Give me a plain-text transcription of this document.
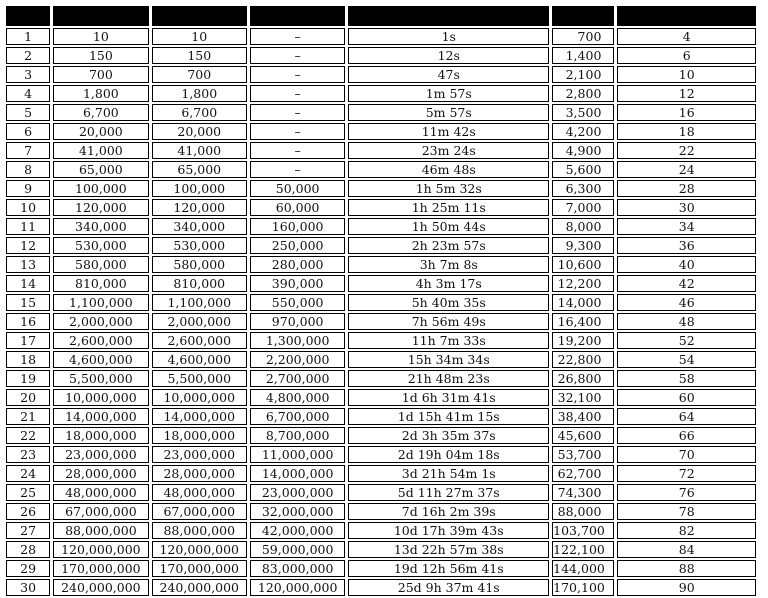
1	10	10	–	1s	700	4
2	150	150	–	12s	1,400	6
3	700	700	–	47s	2,100	10
4	1,800	1,800	–	1m 57s	2,800	12
5	6,700	6,700	–	5m 57s	3,500	16
6	20,000	20,000	–	11m 42s	4,200	18
7	41,000	41,000	–	23m 24s	4,900	22
8	65,000	65,000	–	46m 48s	5,600	24
9	100,000	100,000	50,000	1h 5m 32s	6,300	28
10	120,000	120,000	60,000	1h 25m 11s	7,000	30
11	340,000	340,000	160,000	1h 50m 44s	8,000	34
12	530,000	530,000	250,000	2h 23m 57s	9,300	36
13	580,000	580,000	280,000	3h 7m 8s	10,600	40
14	810,000	810,000	390,000	4h 3m 17s	12,200	42
15	1,100,000	1,100,000	550,000	5h 40m 35s	14,000	46
16	2,000,000	2,000,000	970,000	7h 56m 49s	16,400	48
17	2,600,000	2,600,000	1,300,000	11h 7m 33s	19,200	52
18	4,600,000	4,600,000	2,200,000	15h 34m 34s	22,800	54
19	5,500,000	5,500,000	2,700,000	21h 48m 23s	26,800	58
20	10,000,000	10,000,000	4,800,000	1d 6h 31m 41s	32,100	60
21	14,000,000	14,000,000	6,700,000	1d 15h 41m 15s	38,400	64
22	18,000,000	18,000,000	8,700,000	2d 3h 35m 37s	45,600	66
23	23,000,000	23,000,000	11,000,000	2d 19h 04m 18s	53,700	70
24	28,000,000	28,000,000	14,000,000	3d 21h 54m 1s	62,700	72
25	48,000,000	48,000,000	23,000,000	5d 11h 27m 37s	74,300	76
26	67,000,000	67,000,000	32,000,000	7d 16h 2m 39s	88,000	78
27	88,000,000	88,000,000	42,000,000	10d 17h 39m 43s	103,700	82
28	120,000,000	120,000,000	59,000,000	13d 22h 57m 38s	122,100	84
29	170,000,000	170,000,000	83,000,000	19d 12h 56m 41s	144,000	88
30	240,000,000	240,000,000	120,000,000	25d 9h 37m 41s	170,100	90
